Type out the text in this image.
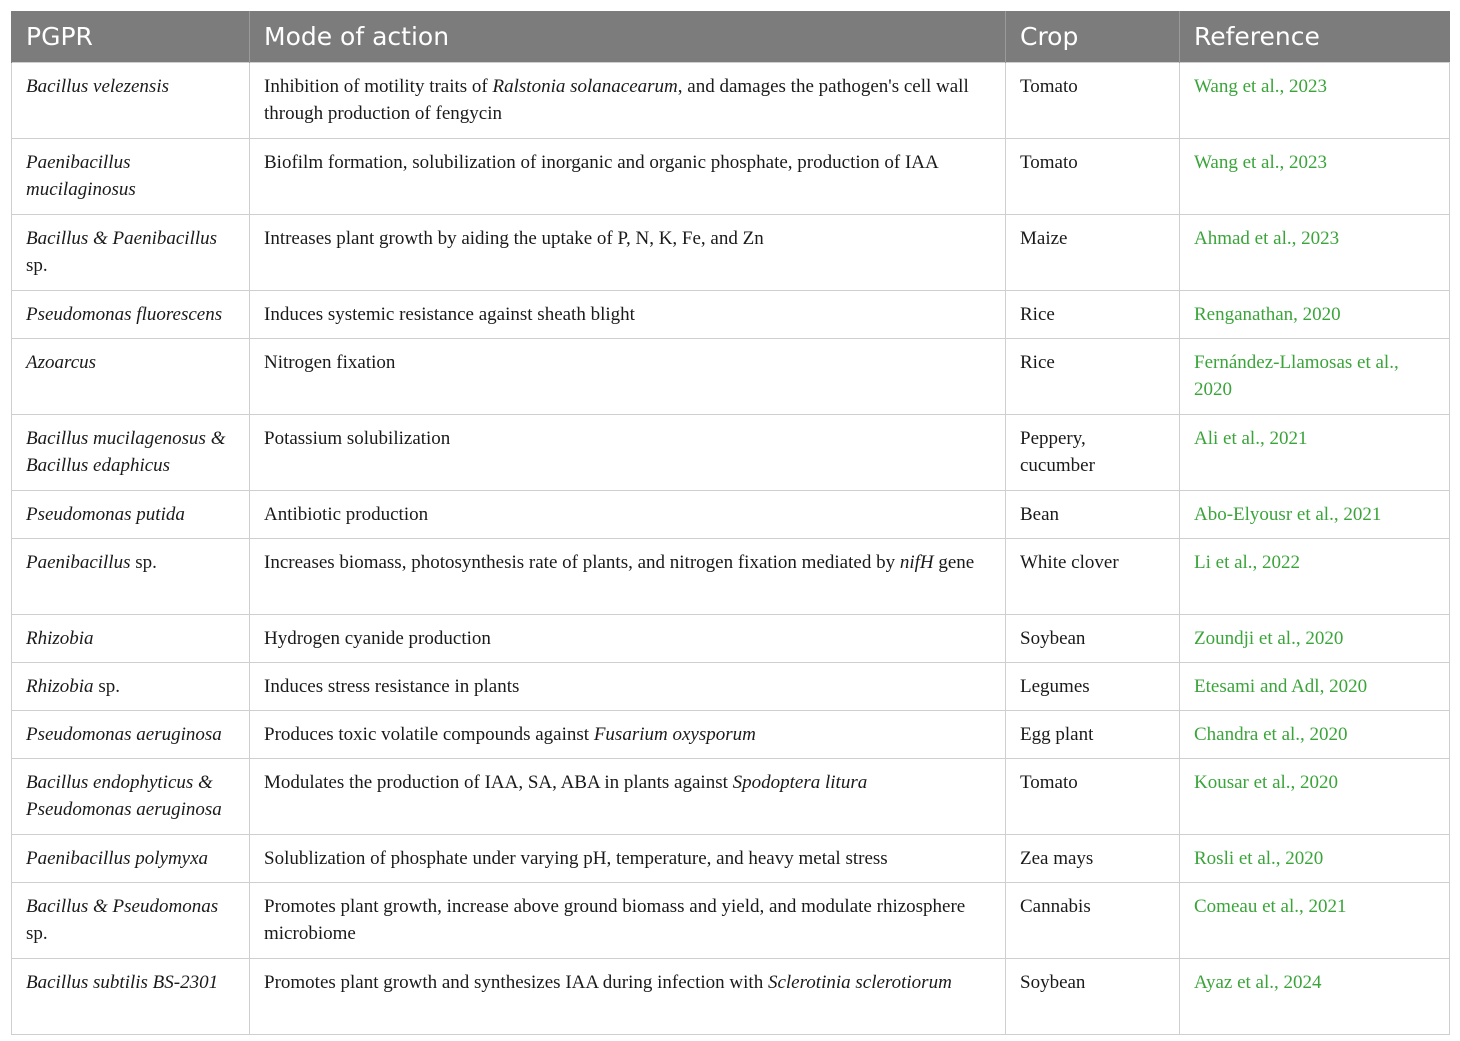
PGPR	Mode of action	Crop	Reference
Bacillus velezensis	Inhibition of motility traits of Ralstonia solanacearum, and damages the pathogen's cell wall through production of fengycin	Tomato	Wang et al., 2023
Paenibacillus mucilaginosus	Biofilm formation, solubilization of inorganic and organic phosphate, production of IAA	Tomato	Wang et al., 2023
Bacillus & Paenibacillus sp.	Intreases plant growth by aiding the uptake of P, N, K, Fe, and Zn	Maize	Ahmad et al., 2023
Pseudomonas fluorescens	Induces systemic resistance against sheath blight	Rice	Renganathan, 2020
Azoarcus	Nitrogen fixation	Rice	Fernández-Llamosas et al., 2020
Bacillus mucilagenosus & Bacillus edaphicus	Potassium solubilization	Peppery, cucumber	Ali et al., 2021
Pseudomonas putida	Antibiotic production	Bean	Abo-Elyousr et al., 2021
Paenibacillus sp.	Increases biomass, photosynthesis rate of plants, and nitrogen fixation mediated by nifH gene	White clover	Li et al., 2022
Rhizobia	Hydrogen cyanide production	Soybean	Zoundji et al., 2020
Rhizobia sp.	Induces stress resistance in plants	Legumes	Etesami and Adl, 2020
Pseudomonas aeruginosa	Produces toxic volatile compounds against Fusarium oxysporum	Egg plant	Chandra et al., 2020
Bacillus endophyticus & Pseudomonas aeruginosa	Modulates the production of IAA, SA, ABA in plants against Spodoptera litura	Tomato	Kousar et al., 2020
Paenibacillus polymyxa	Solublization of phosphate under varying pH, temperature, and heavy metal stress	Zea mays	Rosli et al., 2020
Bacillus & Pseudomonas sp.	Promotes plant growth, increase above ground biomass and yield, and modulate rhizosphere microbiome	Cannabis	Comeau et al., 2021
Bacillus subtilis BS-2301	Promotes plant growth and synthesizes IAA during infection with Sclerotinia sclerotiorum	Soybean	Ayaz et al., 2024
